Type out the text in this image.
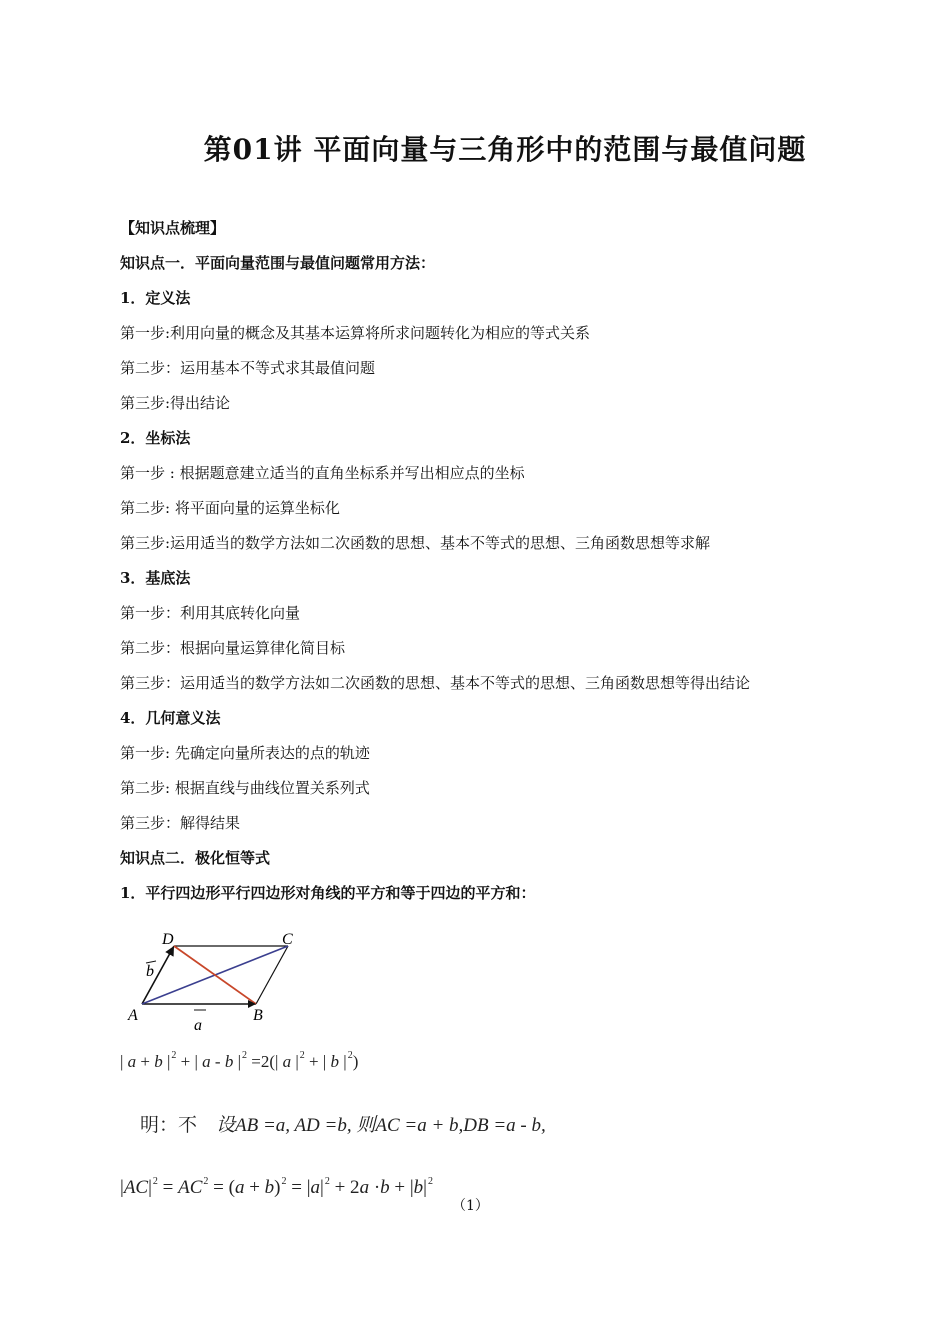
第01讲 平面向量与三角形中的范围与最值问题
【知识点梳理】
知识点一．平面向量范围与最值问题常用方法：
1．定义法
第一步:利用向量的概念及其基本运算将所求问题转化为相应的等式关系
第二步：运用基本不等式求其最值问题
第三步:得出结论
2．坐标法
第一步 : 根据题意建立适当的直角坐标系并写出相应点的坐标
第二步: 将平面向量的运算坐标化
第三步:运用适当的数学方法如二次函数的思想、基本不等式的思想、三角函数思想等求解
3．基底法
第一步：利用其底转化向量
第二步：根据向量运算律化简目标
第三步：运用适当的数学方法如二次函数的思想、基本不等式的思想、三角函数思想等得出结论
4．几何意义法
第一步: 先确定向量所表达的点的轨迹
第二步: 根据直线与曲线位置关系列式
第三步：解得结果
知识点二．极化恒等式
1．平行四边形平行四边形对角线的平方和等于四边的平方和：
D	C
A	B
b
a
| a + b $|^2$ + | a - b $|^2 =2(|$ a $|^2$ + | b $|^2$)
明：不 设AB =a, AD =b, 则AC =a + b,DB =a - b,
$|AC|^2 = AC^2 = (a + b)^2 = |a|^2 + 2a \cdot b + |b|^2$
（1）
